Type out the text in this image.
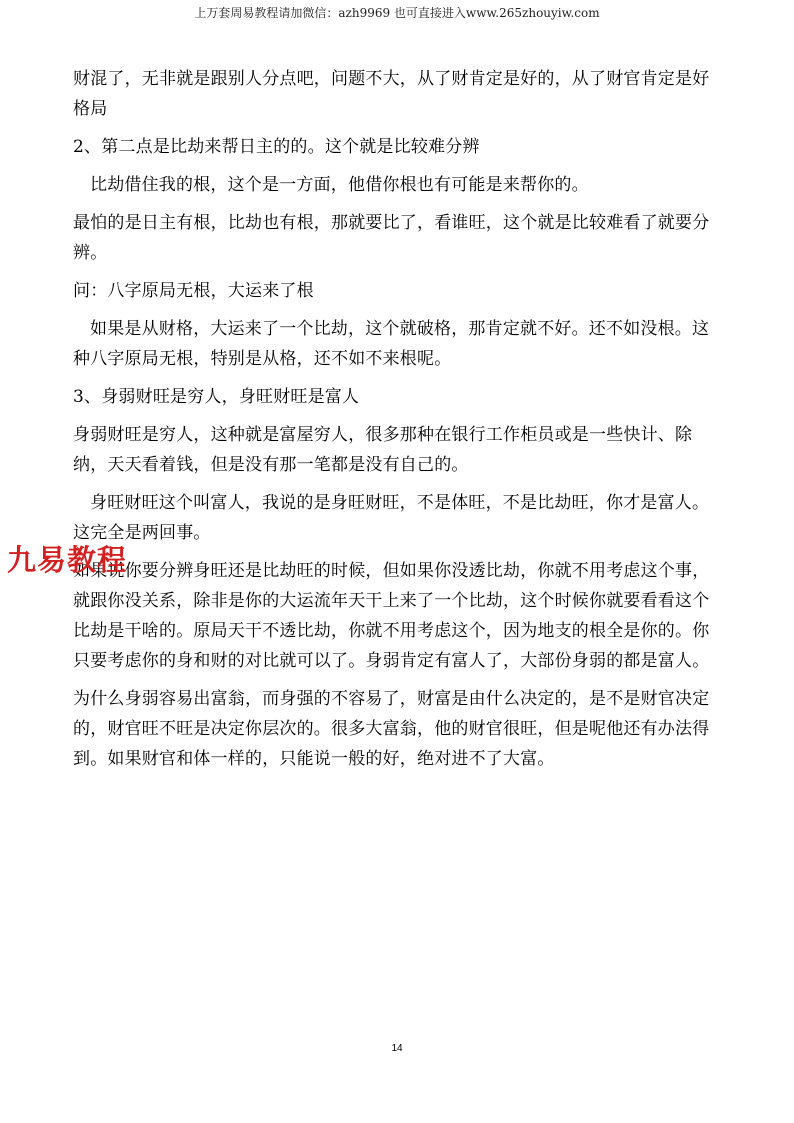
上万套周易教程请加微信：azh9969 也可直接进入www.265zhouyiw.com

财混了，无非就是跟别人分点吧，问题不大，从了财肯定是好的，从了财官肯定是好格局

2、第二点是比劫来帮日主的的。这个就是比较难分辨

比劫借住我的根，这个是一方面，他借你根也有可能是来帮你的。

最怕的是日主有根，比劫也有根，那就要比了，看谁旺，这个就是比较难看了就要分辨。

问：八字原局无根，大运来了根

如果是从财格，大运来了一个比劫，这个就破格，那肯定就不好。还不如没根。这种八字原局无根，特别是从格，还不如不来根呢。

3、身弱财旺是穷人，身旺财旺是富人

身弱财旺是穷人，这种就是富屋穷人，很多那种在银行工作柜员或是一些快计、除纳，天天看着钱，但是没有那一笔都是没有自己的。

身旺财旺这个叫富人，我说的是身旺财旺，不是体旺，不是比劫旺，你才是富人。这完全是两回事。

如果说你要分辨身旺还是比劫旺的时候，但如果你没透比劫，你就不用考虑这个事，就跟你没关系，除非是你的大运流年天干上来了一个比劫，这个时候你就要看看这个比劫是干啥的。原局天干不透比劫，你就不用考虑这个，因为地支的根全是你的。你只要考虑你的身和财的对比就可以了。身弱肯定有富人了，大部份身弱的都是富人。

为什么身弱容易出富翁，而身强的不容易了，财富是由什么决定的，是不是财官决定的，财官旺不旺是决定你层次的。很多大富翁，他的财官很旺，但是呢他还有办法得到。如果财官和体一样的，只能说一般的好，绝对进不了大富。

九易教程
14
